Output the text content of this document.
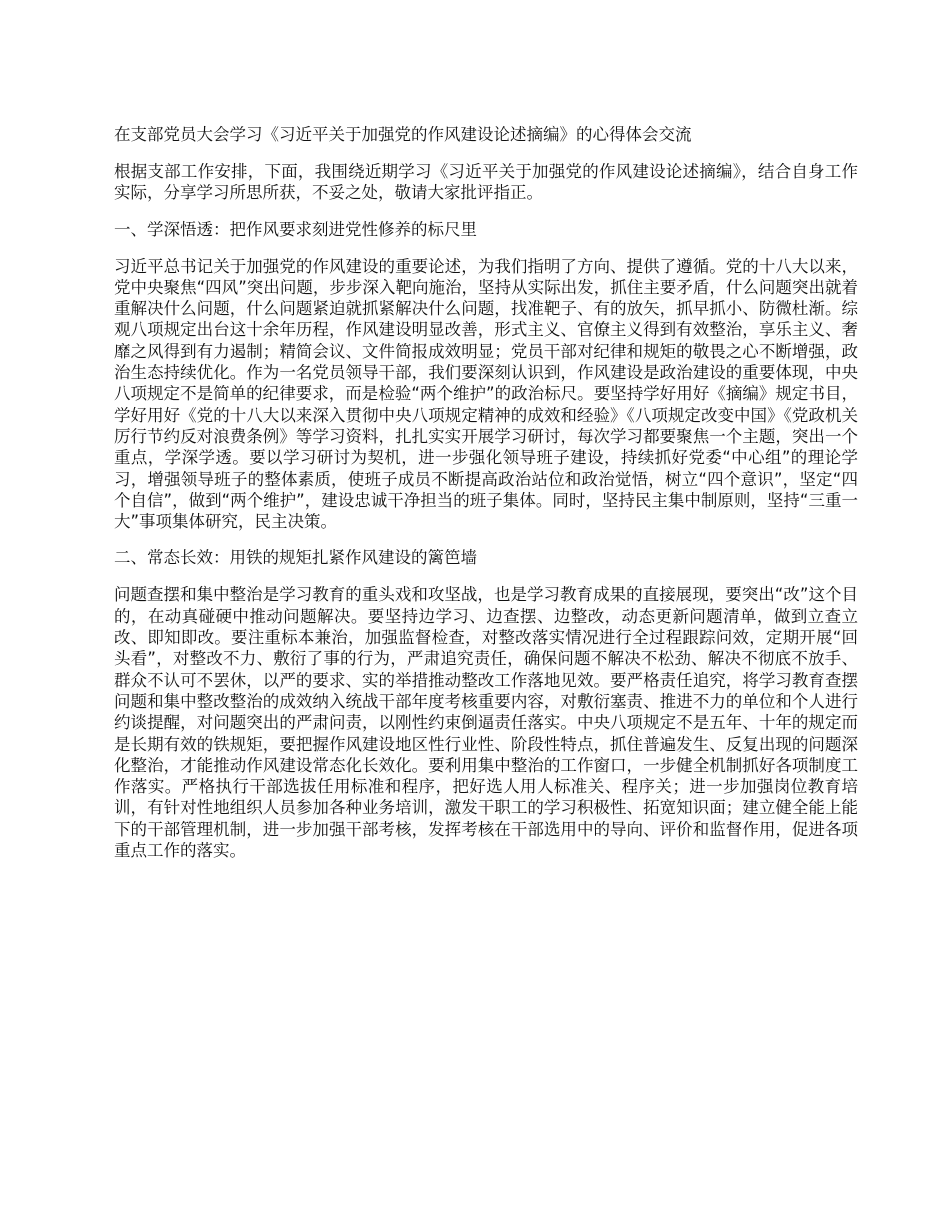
在支部党员大会学习《习近平关于加强党的作风建设论述摘编》的心得体会交流

根据支部工作安排，下面，我围绕近期学习《习近平关于加强党的作风建设论述摘编》，结合自身工作实际，分享学习所思所获，不妥之处，敬请大家批评指正。

一、学深悟透：把作风要求刻进党性修养的标尺里

习近平总书记关于加强党的作风建设的重要论述，为我们指明了方向、提供了遵循。党的十八大以来，党中央聚焦“四风”突出问题，步步深入靶向施治，坚持从实际出发，抓住主要矛盾，什么问题突出就着重解决什么问题，什么问题紧迫就抓紧解决什么问题，找准靶子、有的放矢，抓早抓小、防微杜渐。综观八项规定出台这十余年历程，作风建设明显改善，形式主义、官僚主义得到有效整治，享乐主义、奢靡之风得到有力遏制；精简会议、文件简报成效明显；党员干部对纪律和规矩的敬畏之心不断增强，政治生态持续优化。作为一名党员领导干部，我们要深刻认识到，作风建设是政治建设的重要体现，中央八项规定不是简单的纪律要求，而是检验“两个维护”的政治标尺。要坚持学好用好《摘编》规定书目，学好用好《党的十八大以来深入贯彻中央八项规定精神的成效和经验》《八项规定改变中国》《党政机关厉行节约反对浪费条例》等学习资料，扎扎实实开展学习研讨，每次学习都要聚焦一个主题，突出一个重点，学深学透。要以学习研讨为契机，进一步强化领导班子建设，持续抓好党委“中心组”的理论学习，增强领导班子的整体素质，使班子成员不断提高政治站位和政治觉悟，树立“四个意识”，坚定“四个自信”，做到“两个维护”，建设忠诚干净担当的班子集体。同时，坚持民主集中制原则，坚持“三重一大”事项集体研究，民主决策。

二、常态长效：用铁的规矩扎紧作风建设的篱笆墙

问题查摆和集中整治是学习教育的重头戏和攻坚战，也是学习教育成果的直接展现，要突出“改”这个目的，在动真碰硬中推动问题解决。要坚持边学习、边查摆、边整改，动态更新问题清单，做到立查立改、即知即改。要注重标本兼治，加强监督检查，对整改落实情况进行全过程跟踪问效，定期开展“回头看”，对整改不力、敷衍了事的行为，严肃追究责任，确保问题不解决不松劲、解决不彻底不放手、群众不认可不罢休，以严的要求、实的举措推动整改工作落地见效。要严格责任追究，将学习教育查摆问题和集中整改整治的成效纳入统战干部年度考核重要内容，对敷衍塞责、推进不力的单位和个人进行约谈提醒，对问题突出的严肃问责，以刚性约束倒逼责任落实。中央八项规定不是五年、十年的规定而是长期有效的铁规矩，要把握作风建设地区性行业性、阶段性特点，抓住普遍发生、反复出现的问题深化整治，才能推动作风建设常态化长效化。要利用集中整治的工作窗口，一步健全机制抓好各项制度工作落实。严格执行干部选拔任用标准和程序，把好选人用人标准关、程序关；进一步加强岗位教育培训，有针对性地组织人员参加各种业务培训，激发干职工的学习积极性、拓宽知识面；建立健全能上能下的干部管理机制，进一步加强干部考核，发挥考核在干部选用中的导向、评价和监督作用，促进各项重点工作的落实。
